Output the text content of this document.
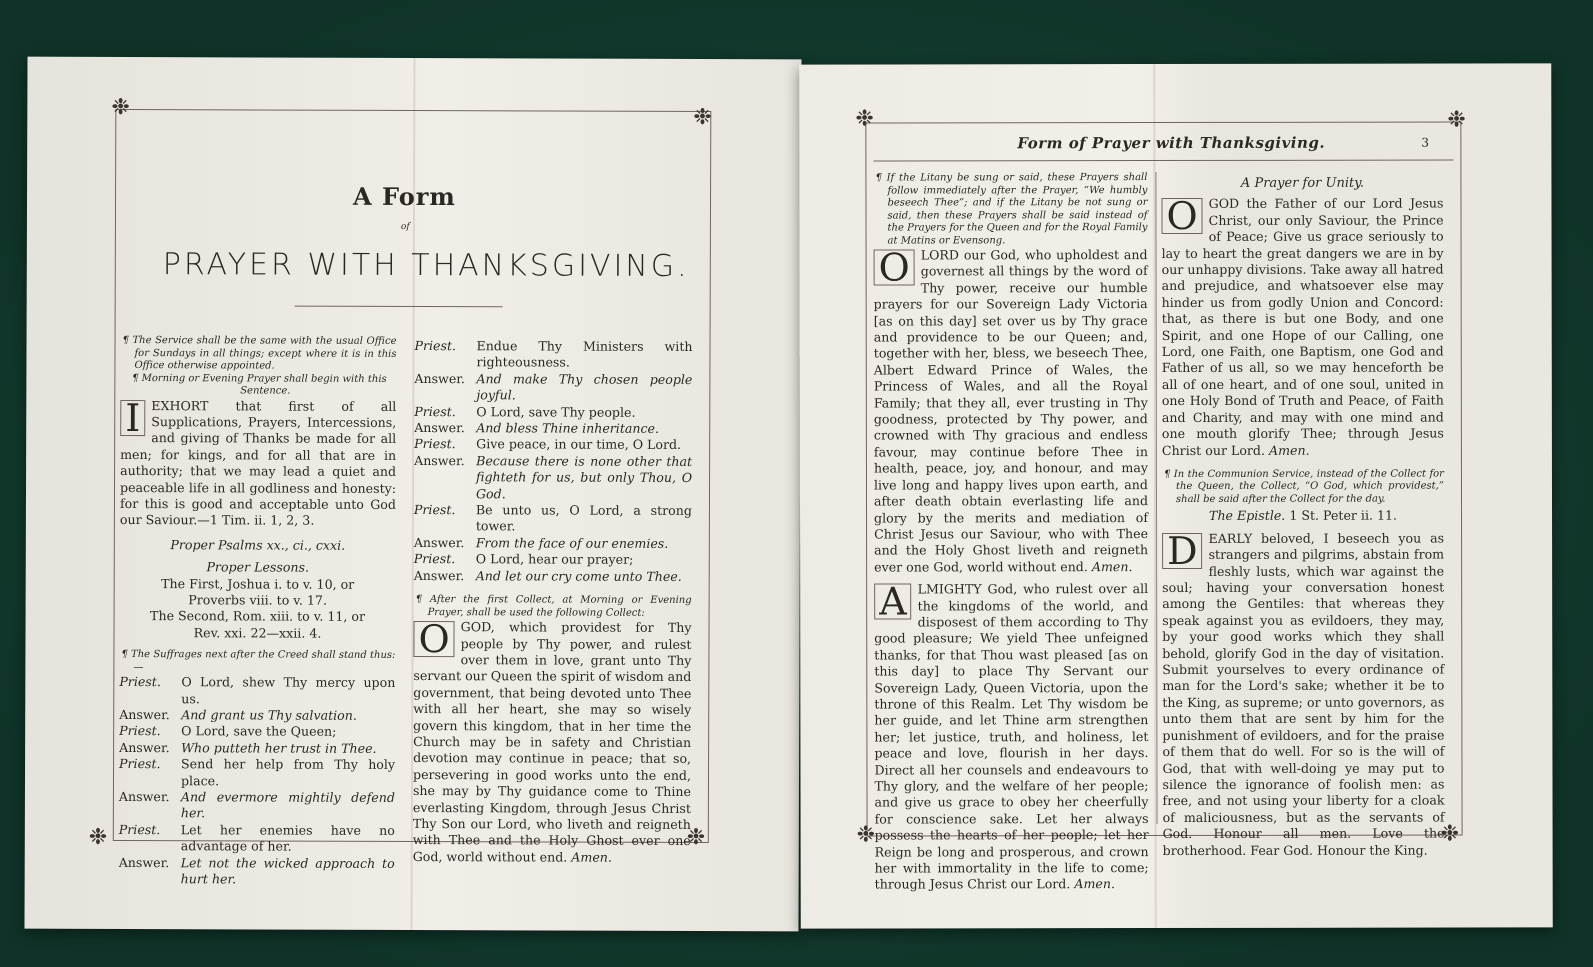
❉	❉
❉	❉
A Form
of
PRAYER WITH THANKSGIVING.

¶ The Service shall be the same with the usual Office for Sundays in all things; except where it is in this Office otherwise appointed.

¶ Morning or Evening Prayer shall begin with this Sentence.

I EXHORT that first of all Supplications, Prayers, Intercessions, and giving of Thanks be made for all men; for kings, and for all that are in authority; that we may lead a quiet and peaceable life in all godliness and honesty: for this is good and acceptable unto God our Saviour.—1 Tim. ii. 1, 2, 3.

Proper Psalms xx., ci., cxxi.

Proper Lessons.

The First, Joshua i. to v. 10, or

Proverbs viii. to v. 17.

The Second, Rom. xiii. to v. 11, or

Rev. xxi. 22—xxii. 4.

¶ The Suffrages next after the Creed shall stand thus:—

Priest.	O Lord, shew Thy mercy upon us.
Answer. And grant us Thy salvation.
Priest.	O Lord, save the Queen;
Answer. Who putteth her trust in Thee.
Priest.	Send her help from Thy holy place.
Answer. And evermore mightily defend her.
Priest.	Let her enemies have no advantage of her.
Answer. Let not the wicked approach to hurt her.
Priest.	Endue Thy Ministers with righteousness.
Answer. And make Thy chosen people joyful.
Priest.	O Lord, save Thy people.
Answer. And bless Thine inheritance.
Priest.	Give peace, in our time, O Lord.
Answer. Because there is none other that fighteth for us, but only Thou, O God.
Priest.	Be unto us, O Lord, a strong tower.
Answer. From the face of our enemies.
Priest.	O Lord, hear our prayer;
Answer. And let our cry come unto Thee.

¶ After the first Collect, at Morning or Evening Prayer, shall be used the following Collect:

O GOD, which providest for Thy people by Thy power, and rulest over them in love, grant unto Thy servant our Queen the spirit of wisdom and government, that being devoted unto Thee with all her heart, she may so wisely govern this kingdom, that in her time the Church may be in safety and Christian devotion may continue in peace; that so, persevering in good works unto the end, she may by Thy guidance come to Thine everlasting Kingdom, through Jesus Christ Thy Son our Lord, who liveth and reigneth with Thee and the Holy Ghost ever one God, world without end. Amen.

❉	❉
❉	❉
Form of Prayer with Thanksgiving.	3

¶ If the Litany be sung or said, these Prayers shall follow immediately after the Prayer, “We humbly beseech Thee”; and if the Litany be not sung or said, then these Prayers shall be said instead of the Prayers for the Queen and for the Royal Family at Matins or Evensong.

O LORD our God, who upholdest and governest all things by the word of Thy power, receive our humble prayers for our Sovereign Lady Victoria [as on this day] set over us by Thy grace and providence to be our Queen; and, together with her, bless, we beseech Thee, Albert Edward Prince of Wales, the Princess of Wales, and all the Royal Family; that they all, ever trusting in Thy goodness, protected by Thy power, and crowned with Thy gracious and endless favour, may continue before Thee in health, peace, joy, and honour, and may live long and happy lives upon earth, and after death obtain everlasting life and glory by the merits and mediation of Christ Jesus our Saviour, who with Thee and the Holy Ghost liveth and reigneth ever one God, world without end. Amen.

A LMIGHTY God, who rulest over all the kingdoms of the world, and disposest of them according to Thy good pleasure; We yield Thee unfeigned thanks, for that Thou wast pleased [as on this day] to place Thy Servant our Sovereign Lady, Queen Victoria, upon the throne of this Realm. Let Thy wisdom be her guide, and let Thine arm strengthen her; let justice, truth, and holiness, let peace and love, flourish in her days. Direct all her counsels and endeavours to Thy glory, and the welfare of her people; and give us grace to obey her cheerfully for conscience sake. Let her always possess the hearts of her people; let her Reign be long and prosperous, and crown her with immortality in the life to come; through Jesus Christ our Lord. Amen.

A Prayer for Unity.

O GOD the Father of our Lord Jesus Christ, our only Saviour, the Prince of Peace; Give us grace seriously to lay to heart the great dangers we are in by our unhappy divisions. Take away all hatred and prejudice, and whatsoever else may hinder us from godly Union and Concord: that, as there is but one Body, and one Spirit, and one Hope of our Calling, one Lord, one Faith, one Baptism, one God and Father of us all, so we may henceforth be all of one heart, and of one soul, united in one Holy Bond of Truth and Peace, of Faith and Charity, and may with one mind and one mouth glorify Thee; through Jesus Christ our Lord. Amen.

¶ In the Communion Service, instead of the Collect for the Queen, the Collect, “O God, which providest,” shall be said after the Collect for the day.

The Epistle. 1 St. Peter ii. 11.

D EARLY beloved, I beseech you as strangers and pilgrims, abstain from fleshly lusts, which war against the soul; having your conversation honest among the Gentiles: that whereas they speak against you as evildoers, they may, by your good works which they shall behold, glorify God in the day of visitation. Submit yourselves to every ordinance of man for the Lord's sake; whether it be to the King, as supreme; or unto governors, as unto them that are sent by him for the punishment of evildoers, and for the praise of them that do well. For so is the will of God, that with well-doing ye may put to silence the ignorance of foolish men: as free, and not using your liberty for a cloak of maliciousness, but as the servants of God. Honour all men. Love the brotherhood. Fear God. Honour the King.
